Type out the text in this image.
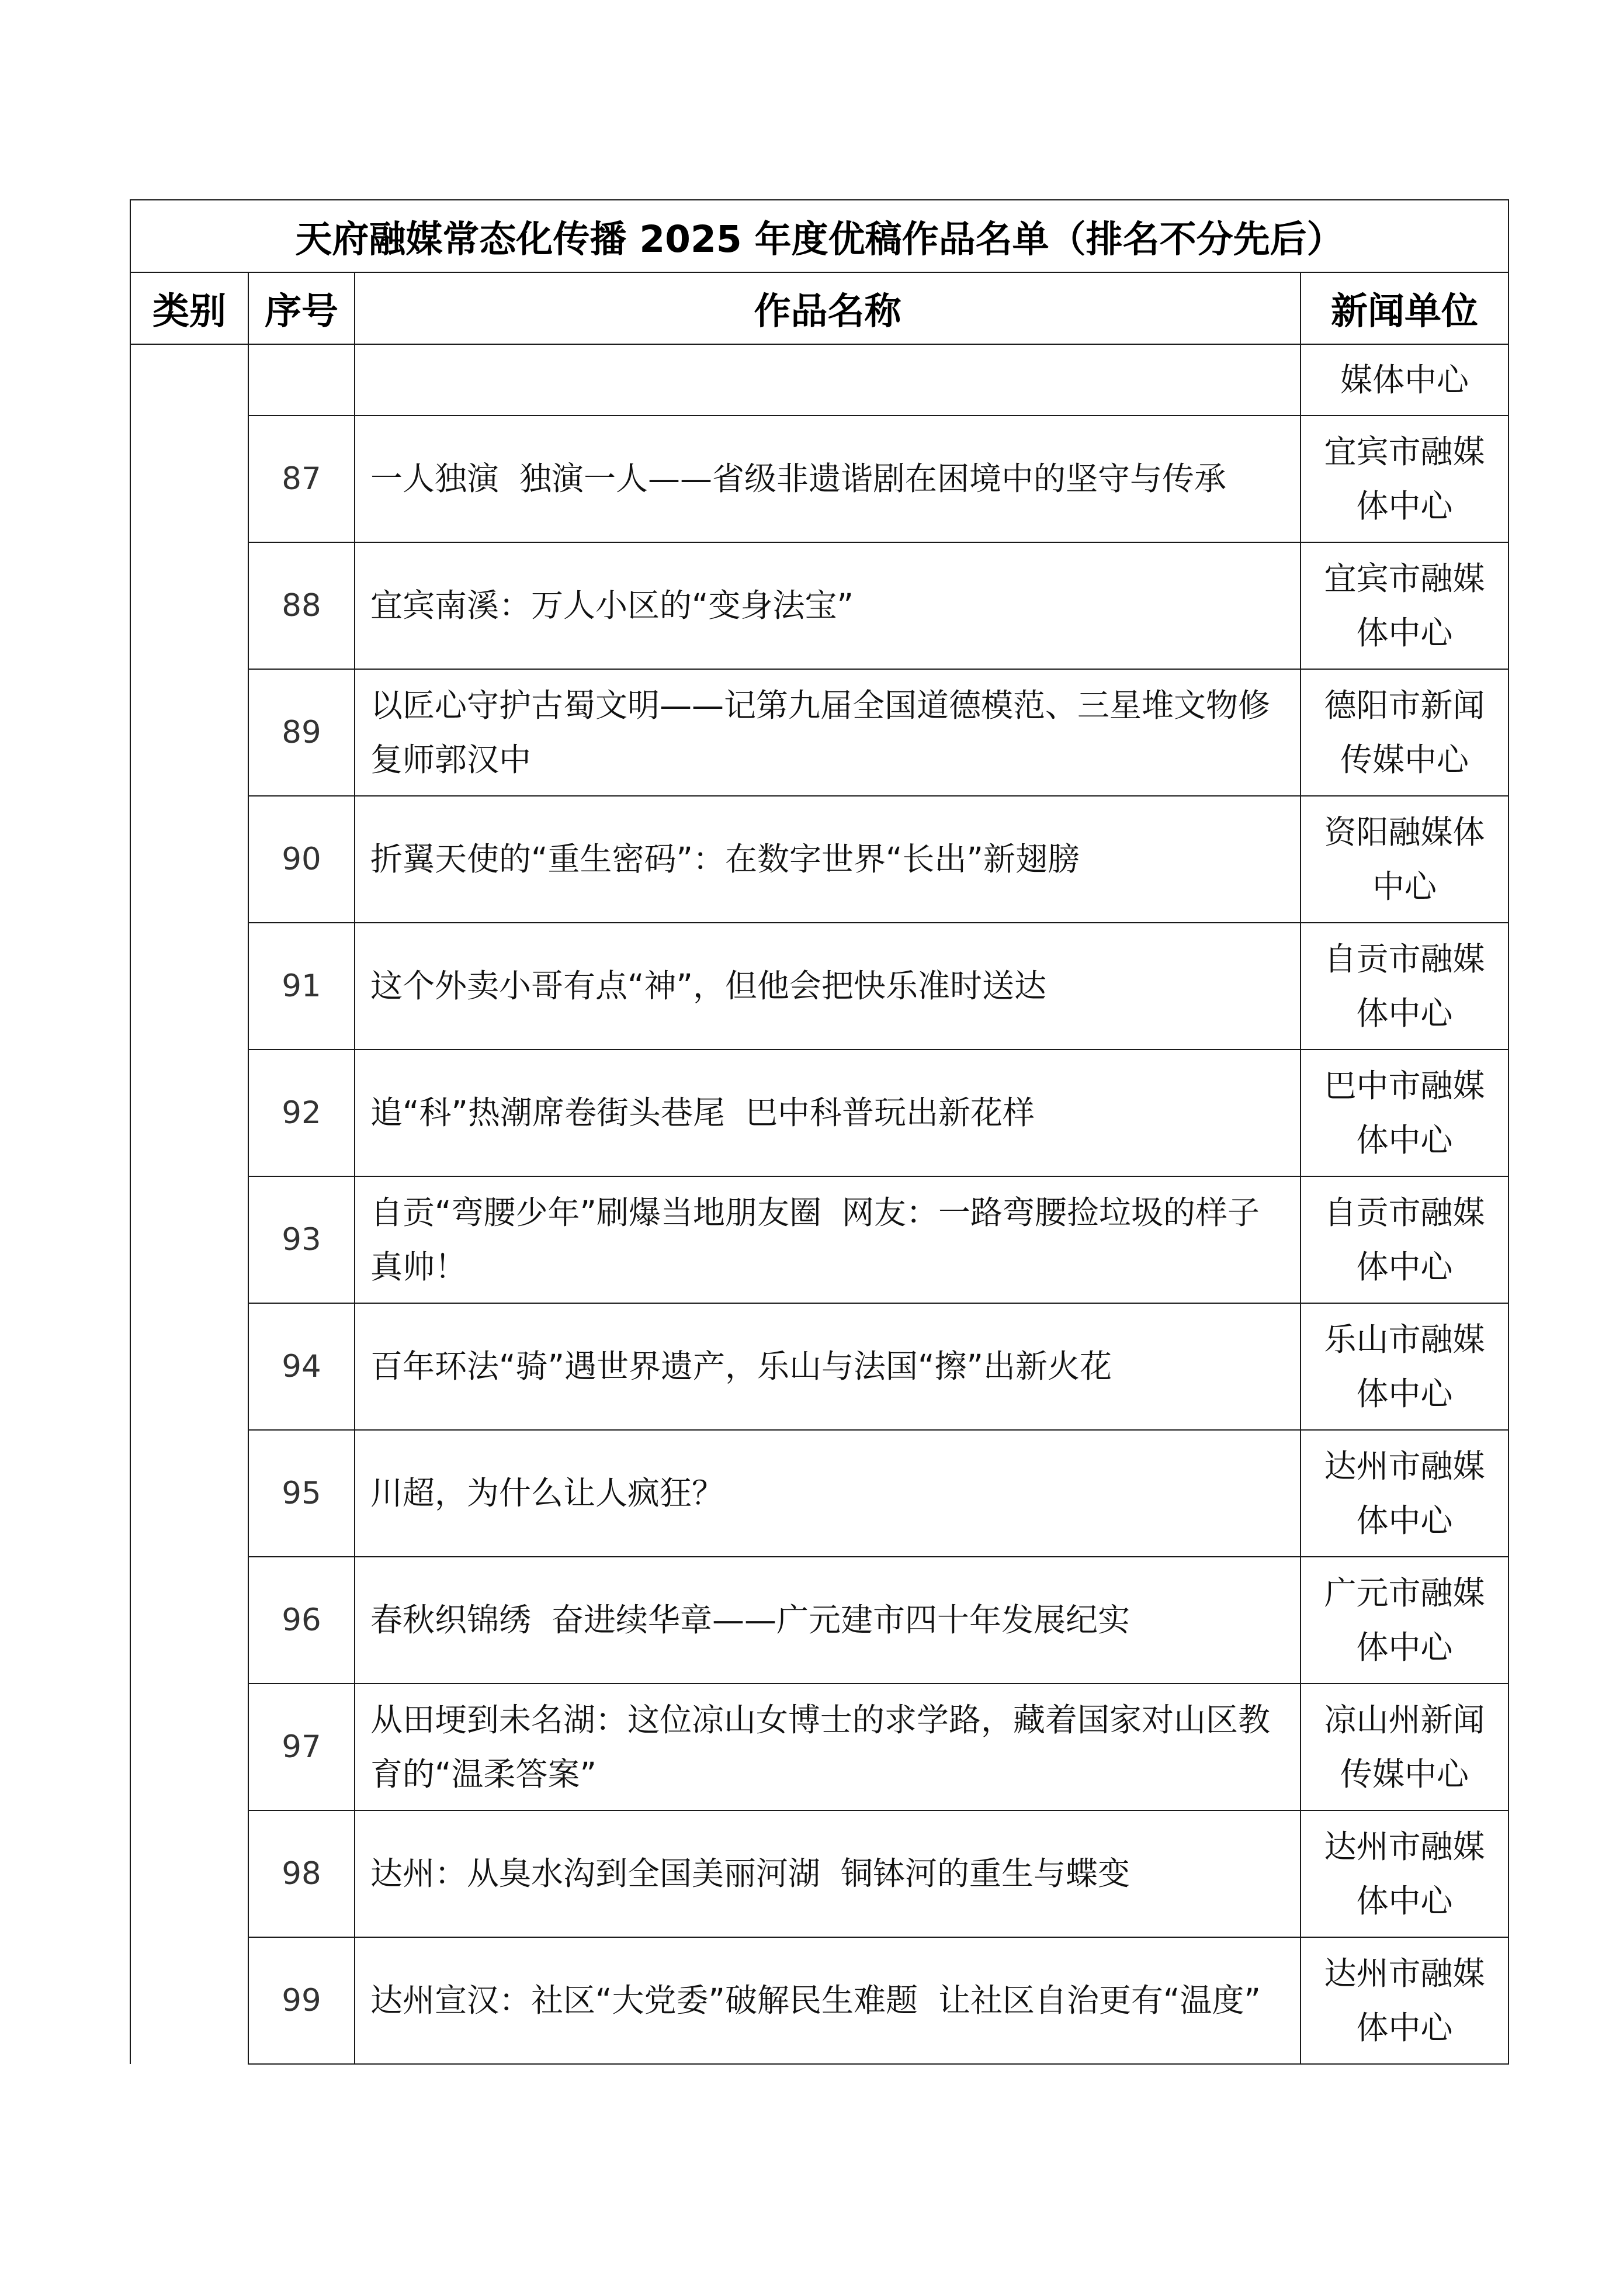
天府融媒常态化传播 2025 年度优稿作品名单（排名不分先后）			
类别	序号	作品名称	新闻单位
			媒体中心
	87	一人独演  独演一人——省级非遗谐剧在困境中的坚守与传承	宜宾市融媒体中心
	88	宜宾南溪：万人小区的“变身法宝”	宜宾市融媒体中心
	89	以匠心守护古蜀文明——记第九届全国道德模范、三星堆文物修复师郭汉中	德阳市新闻传媒中心
	90	折翼天使的“重生密码”：在数字世界“长出”新翅膀	资阳融媒体中心
	91	这个外卖小哥有点“神”，但他会把快乐准时送达	自贡市融媒体中心
	92	追“科”热潮席卷街头巷尾  巴中科普玩出新花样	巴中市融媒体中心
	93	自贡“弯腰少年”刷爆当地朋友圈  网友：一路弯腰捡垃圾的样子真帅！	自贡市融媒体中心
	94	百年环法“骑”遇世界遗产，乐山与法国“擦”出新火花	乐山市融媒体中心
	95	川超，为什么让人疯狂？	达州市融媒体中心
	96	春秋织锦绣  奋进续华章——广元建市四十年发展纪实	广元市融媒体中心
	97	从田埂到未名湖：这位凉山女博士的求学路，藏着国家对山区教育的“温柔答案”	凉山州新闻传媒中心
	98	达州：从臭水沟到全国美丽河湖  铜钵河的重生与蝶变	达州市融媒体中心
	99	达州宣汉：社区“大党委”破解民生难题  让社区自治更有“温度”	达州市融媒体中心
